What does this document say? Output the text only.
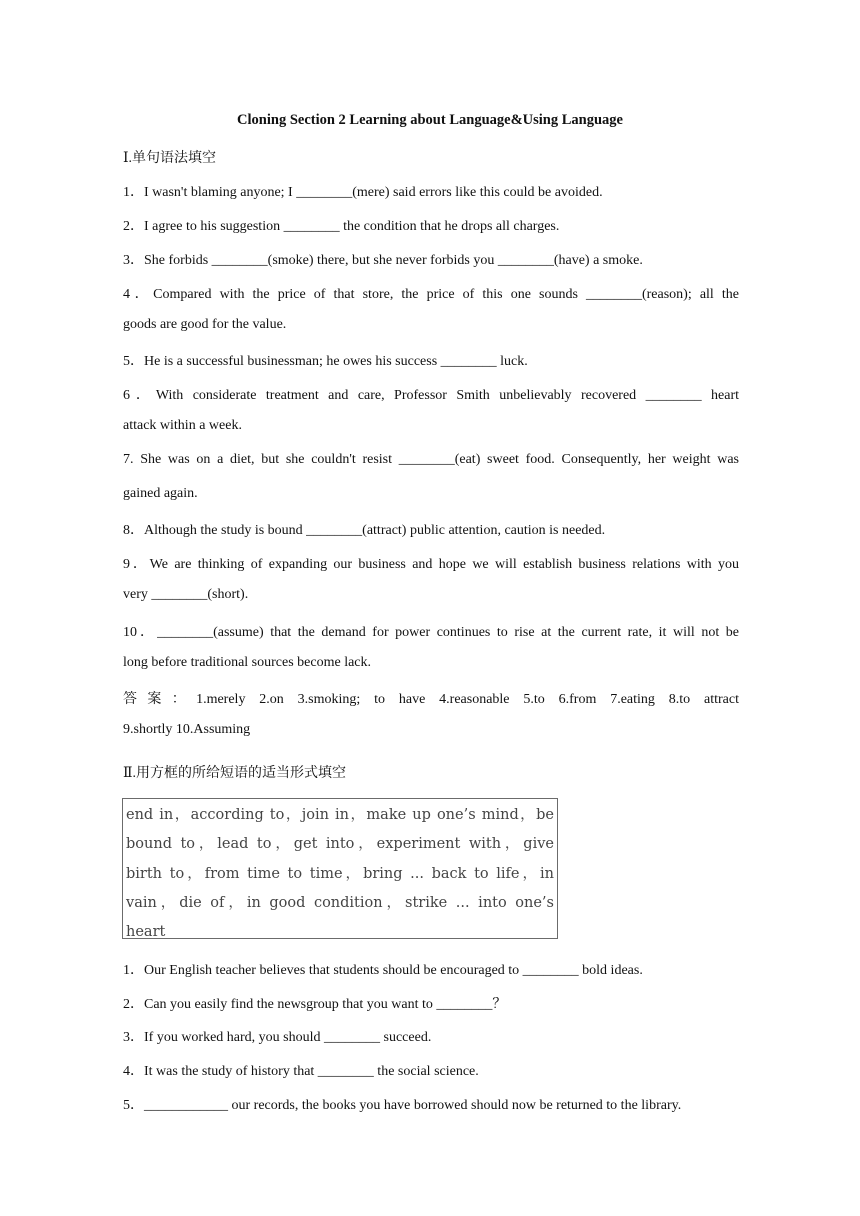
Cloning Section 2 Learning about Language&Using Language
Ⅰ.单句语法填空
1．I wasn't blaming anyone; I ________(mere) said errors like this could be avoided.
2．I agree to his suggestion ________ the condition that he drops all charges.
3．She forbids ________(smoke) there, but she never forbids you ________(have) a smoke.
4．Compared with the price of that store, the price of this one sounds ________(reason); all the
goods are good for the value.
5．He is a successful businessman; he owes his success ________ luck.
6．With considerate treatment and care, Professor Smith unbelievably recovered ________ heart
attack within a week.
7. She was on a diet, but she couldn't resist ________(eat) sweet food. Consequently, her weight was
gained again.
8．Although the study is bound ________(attract) public attention, caution is needed.
9．We are thinking of expanding our business and hope we will establish business relations with you
very ________(short).
10．________(assume) that the demand for power continues to rise at the current rate, it will not be
long before traditional sources become lack.
答案：1.merely 2.on 3.smoking; to have 4.reasonable 5.to 6.from 7.eating 8.to attract
9.shortly 10.Assuming
Ⅱ.用方框的所给短语的适当形式填空
end in，according to，join in，make up one’s mind，be
bound to，lead to，get into，experiment with，give
birth to，from time to time，bring ... back to life，in
vain，die of，in good condition，strike ... into one’s
heart
1．Our English teacher believes that students should be encouraged to ________ bold ideas.
2．Can you easily find the newsgroup that you want to ________？
3．If you worked hard, you should ________ succeed.
4．It was the study of history that ________ the social science.
5．____________ our records, the books you have borrowed should now be returned to the library.
